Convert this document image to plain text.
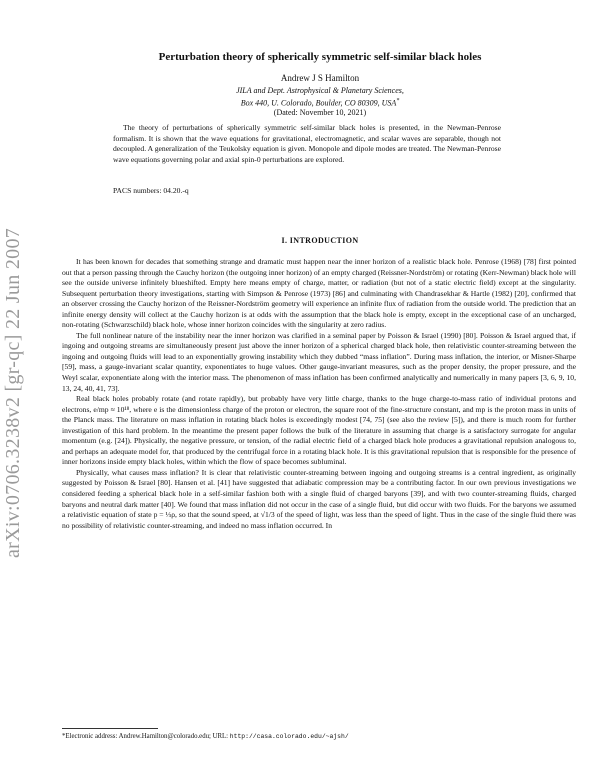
arXiv:0706.3238v2 [gr-qc] 22 Jun 2007
Perturbation theory of spherically symmetric self-similar black holes
Andrew J S Hamilton
JILA and Dept. Astrophysical & Planetary Sciences,
Box 440, U. Colorado, Boulder, CO 80309, USA*
(Dated: November 10, 2021)
The theory of perturbations of spherically symmetric self-similar black holes is presented, in the Newman-Penrose formalism. It is shown that the wave equations for gravitational, electromagnetic, and scalar waves are separable, though not decoupled. A generalization of the Teukolsky equation is given. Monopole and dipole modes are treated. The Newman-Penrose wave equations governing polar and axial spin-0 perturbations are explored.
PACS numbers: 04.20.-q
I. INTRODUCTION

It has been known for decades that something strange and dramatic must happen near the inner horizon of a realistic black hole. Penrose (1968) [78] first pointed out that a person passing through the Cauchy horizon (the outgoing inner horizon) of an empty charged (Reissner-Nordström) or rotating (Kerr-Newman) black hole will see the outside universe infinitely blueshifted. Empty here means empty of charge, matter, or radiation (but not of a static electric field) except at the singularity. Subsequent perturbation theory investigations, starting with Simpson & Penrose (1973) [86] and culminating with Chandrasekhar & Hartle (1982) [20], confirmed that an observer crossing the Cauchy horizon of the Reissner-Nordström geometry will experience an infinite flux of radiation from the outside world. The prediction that an infinite energy density will collect at the Cauchy horizon is at odds with the assumption that the black hole is empty, except in the exceptional case of an uncharged, non-rotating (Schwarzschild) black hole, whose inner horizon coincides with the singularity at zero radius.

The full nonlinear nature of the instability near the inner horizon was clarified in a seminal paper by Poisson & Israel (1990) [80]. Poisson & Israel argued that, if ingoing and outgoing streams are simultaneously present just above the inner horizon of a spherical charged black hole, then relativistic counter-streaming between the ingoing and outgoing fluids will lead to an exponentially growing instability which they dubbed “mass inflation”. During mass inflation, the interior, or Misner-Sharpe [59], mass, a gauge-invariant scalar quantity, exponentiates to huge values. Other gauge-invariant measures, such as the proper density, the proper pressure, and the Weyl scalar, exponentiate along with the interior mass. The phenomenon of mass inflation has been confirmed analytically and numerically in many papers [3, 6, 9, 10, 13, 24, 40, 41, 73].

Real black holes probably rotate (and rotate rapidly), but probably have very little charge, thanks to the huge charge-to-mass ratio of individual protons and electrons, e/mp ≈ 10¹⁸, where e is the dimensionless charge of the proton or electron, the square root of the fine-structure constant, and mp is the proton mass in units of the Planck mass. The literature on mass inflation in rotating black holes is exceedingly modest [74, 75] (see also the review [5]), and there is much room for further investigation of this hard problem. In the meantime the present paper follows the bulk of the literature in assuming that charge is a satisfactory surrogate for angular momentum (e.g. [24]). Physically, the negative pressure, or tension, of the radial electric field of a charged black hole produces a gravitational repulsion analogous to, and perhaps an adequate model for, that produced by the centrifugal force in a rotating black hole. It is this gravitational repulsion that is responsible for the presence of inner horizons inside empty black holes, within which the flow of space becomes subluminal.

Physically, what causes mass inflation? It is clear that relativistic counter-streaming between ingoing and outgoing streams is a central ingredient, as originally suggested by Poisson & Israel [80]. Hansen et al. [41] have suggested that adiabatic compression may be a contributing factor. In our own previous investigations we considered feeding a spherical black hole in a self-similar fashion both with a single fluid of charged baryons [39], and with two counter-streaming fluids, charged baryons and neutral dark matter [40]. We found that mass inflation did not occur in the case of a single fluid, but did occur with two fluids. For the baryons we assumed a relativistic equation of state p = ⅓ρ, so that the sound speed, at √1/3 of the speed of light, was less than the speed of light. Thus in the case of the single fluid there was no possibility of relativistic counter-streaming, and indeed no mass inflation occurred. In

*Electronic address: Andrew.Hamilton@colorado.edu; URL: http://casa.colorado.edu/~ajsh/
